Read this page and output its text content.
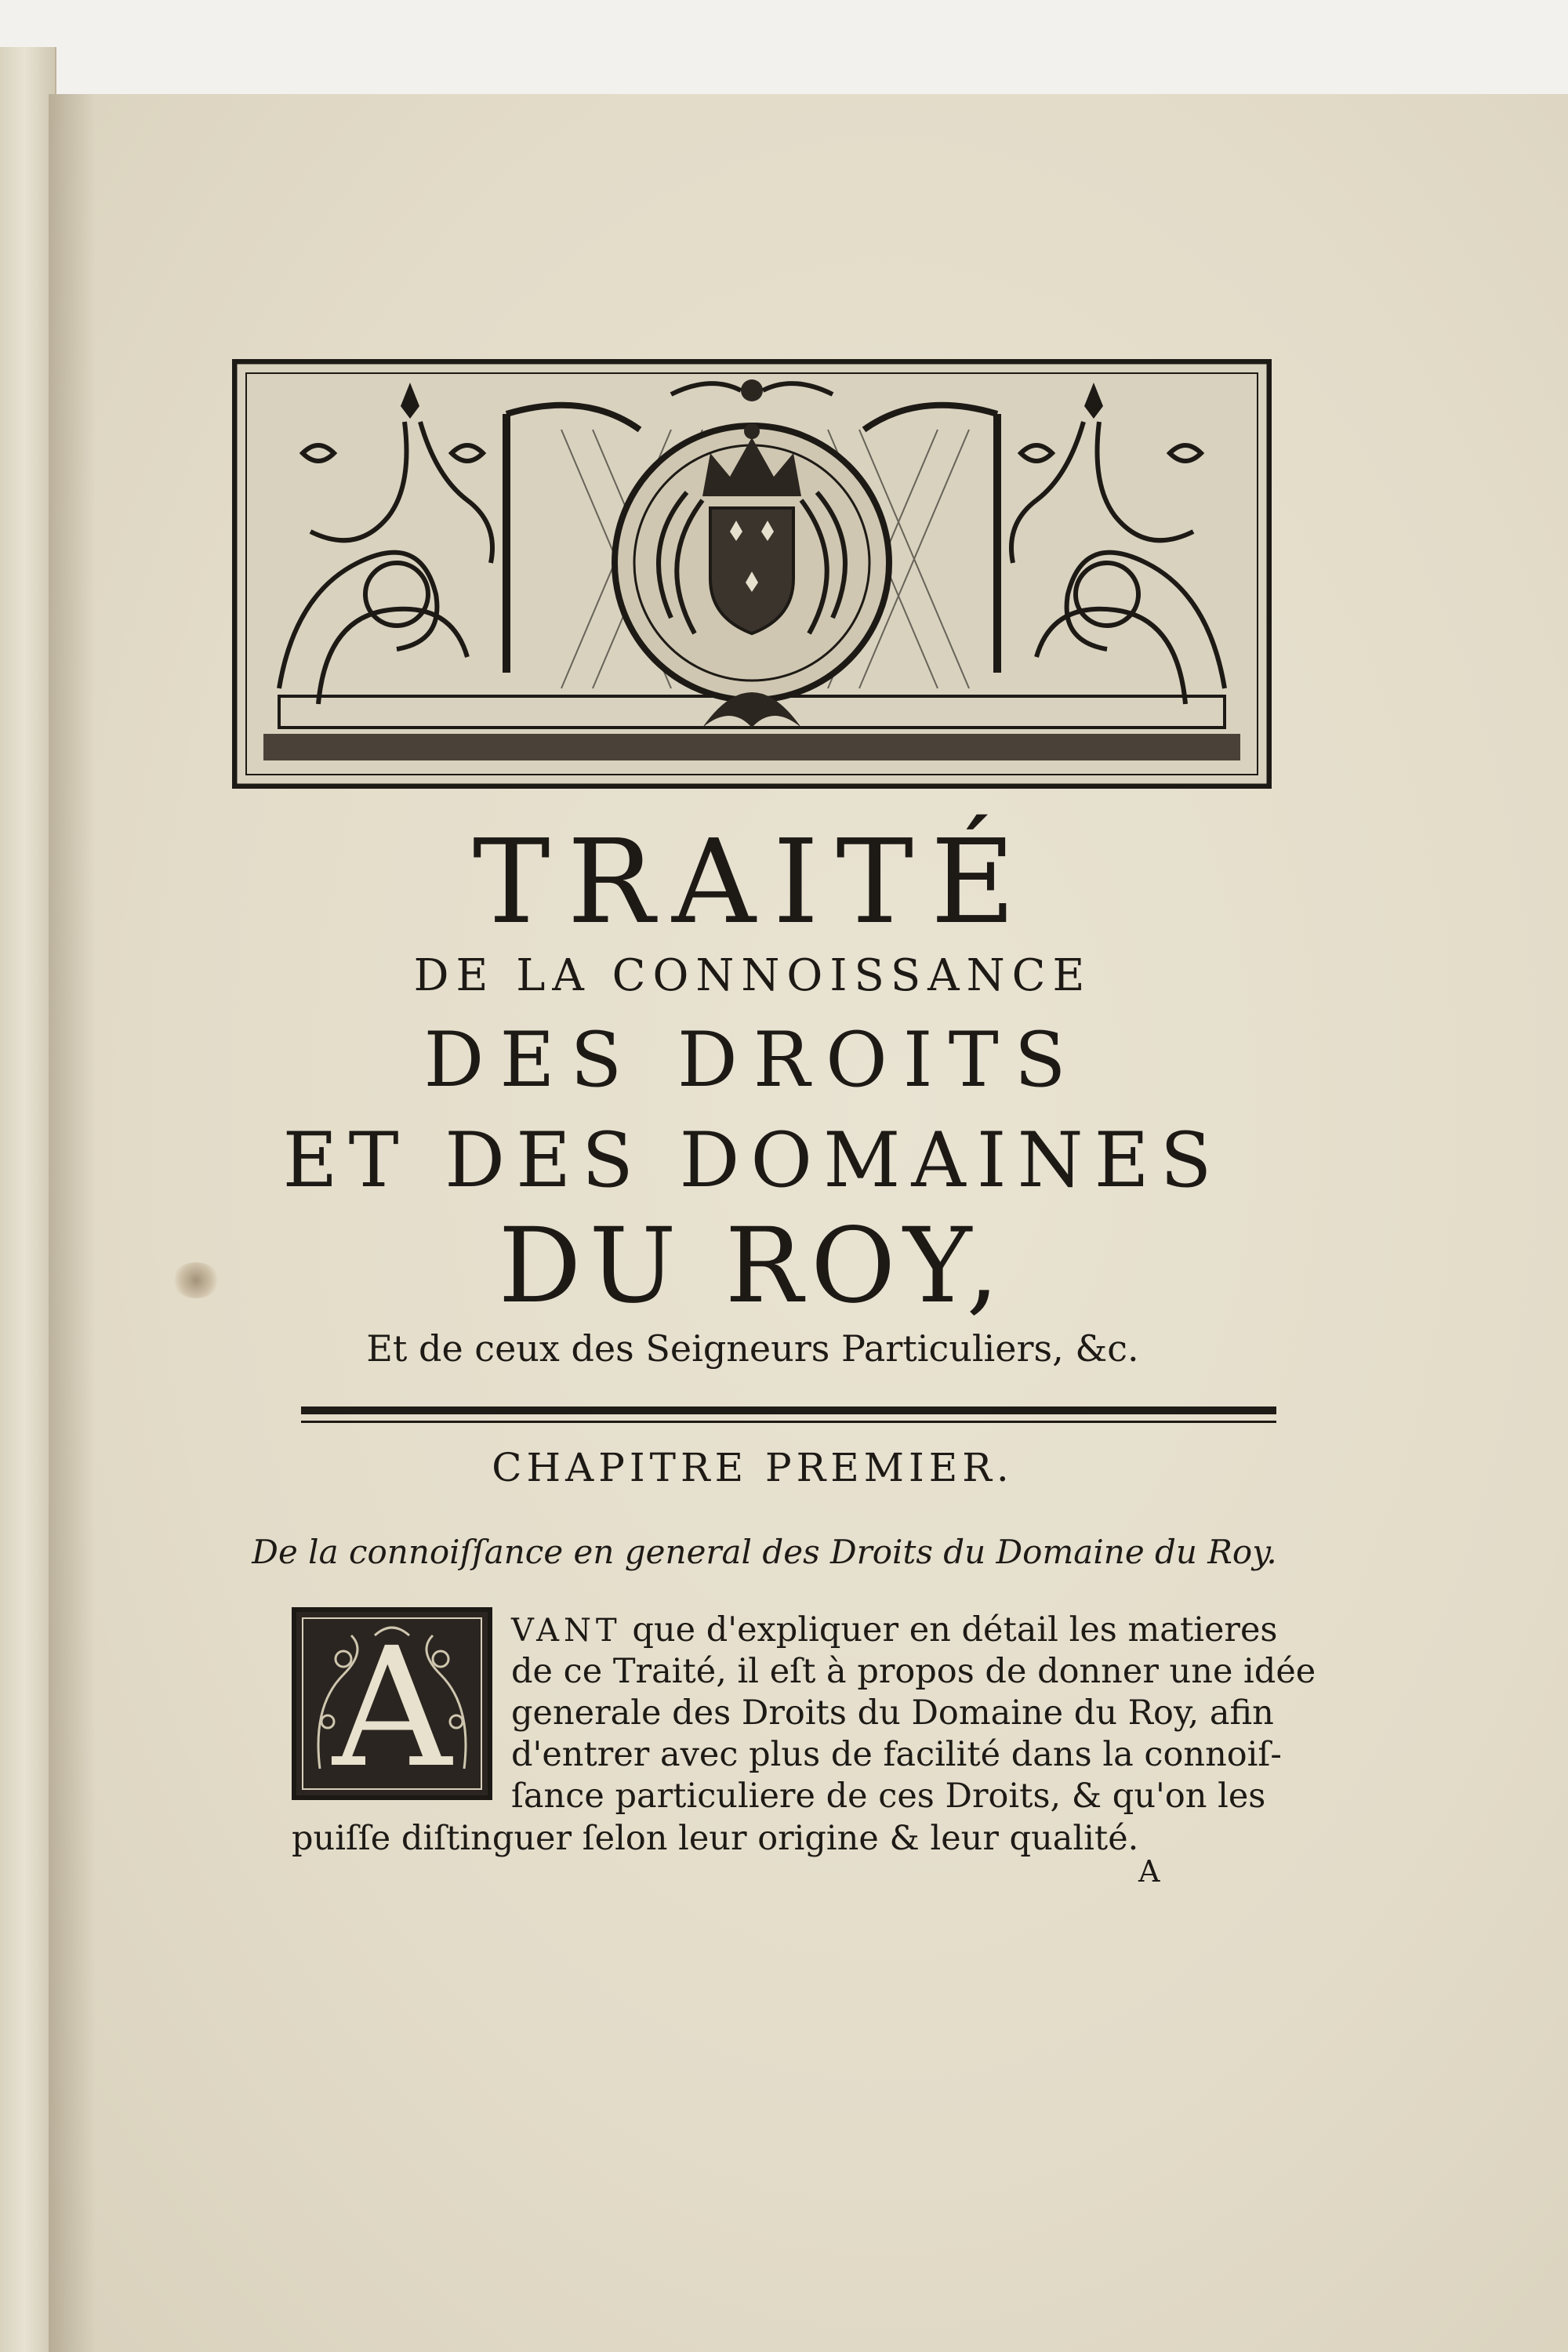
TRAITÉ
DE LA CONNOISSANCE
DES DROITS
ET DES DOMAINES
DU ROY,
Et de ceux des Seigneurs Particuliers, &c.
CHAPITRE PREMIER.
De la connoiſſance en general des Droits du Domaine du Roy.
A	VANT que d'expliquer en détail les matieres
de ce Traité, il eſt à propos de donner une idée
generale des Droits du Domaine du Roy, afin
d'entrer avec plus de facilité dans la connoiſ-
ſance particuliere de ces Droits, & qu'on les
puiſſe diſtinguer ſelon leur origine & leur qualité.
A
